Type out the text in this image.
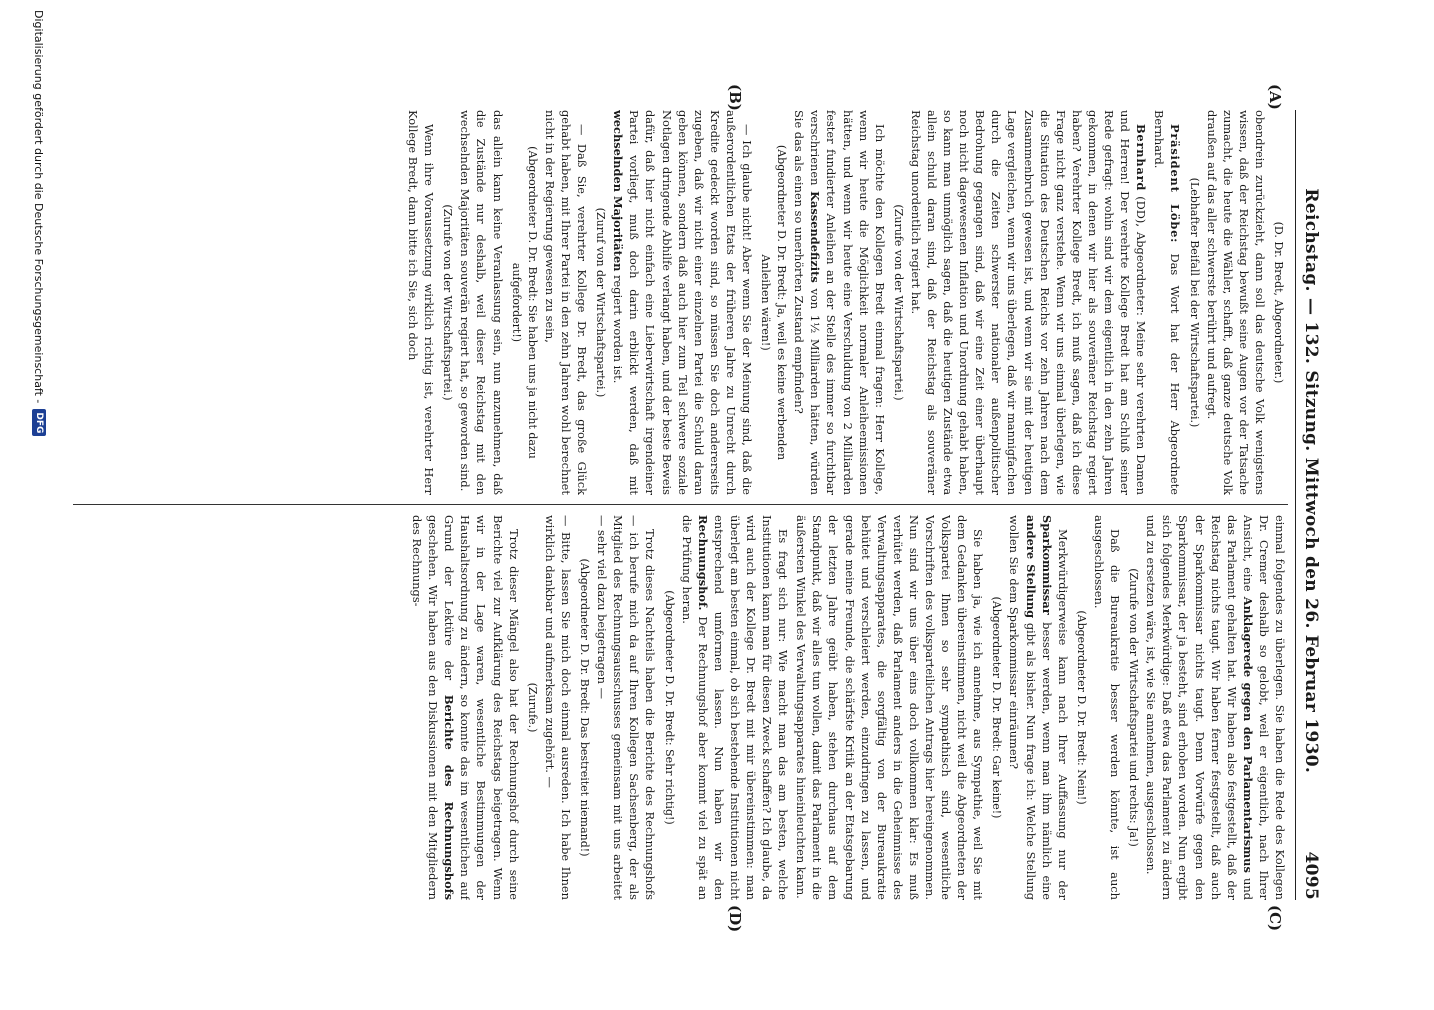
Reichstag. — 132. Sitzung. Mittwoch den 26. Februar 1930.
4095
(A)
(B)
(C)
(D)

(D. Dr. Bredt, Abgeordneter.)

obendrein zurückzieht, dann soll das deutsche Volk wenigstens wissen, daß der Reichstag bewußt seine Augen vor der Tatsache zumacht, die heute die Wähler, schafft, daß ganze deutsche Volk draußen auf das aller schwerste berührt und aufregt.

(Lebhafter Beifall bei der Wirtschaftspartei.)

Präsident Löbe: Das Wort hat der Herr Abgeordnete Bernhard.

Bernhard (DD), Abgeordneter: Meine sehr verehrten Damen und Herren! Der verehrte Kollege Bredt hat am Schluß seiner Rede gefragt: wohin sind wir dem eigentlich in den zehn Jahren gekommen, in denen wir hier als souveräner Reichstag regiert haben? Verehrter Kollege Bredt, ich muß sagen, daß ich diese Frage nicht ganz verstehe. Wenn wir uns einmal überlegen, wie die Situation des Deutschen Reichs vor zehn Jahren nach dem Zusammenbruch gewesen ist, und wenn wir sie mit der heutigen Lage vergleichen, wenn wir uns überlegen, daß wir mannigfachen durch die Zeiten schwerster nationaler außenpolitischer Bedrohung gegangen sind, daß wir eine Zeit einer überhaupt noch nicht dagewesenen Inflation und Unordnung gehabt haben, so kann man unmöglich sagen, daß die heutigen Zustände etwa allein schuld daran sind, daß der Reichstag als souveräner Reichstag unordentlich regiert hat.

(Zurufe von der Wirtschaftspartei.)

Ich möchte den Kollegen Bredt einmal fragen: Herr Kollege, wenn wir heute die Möglichkeit normaler Anleiheemissionen hätten, und wenn wir heute eine Verschuldung von 2 Milliarden fester fundierter Anleihen an der Stelle des immer so furchtbar verschrienen Kassendefizits von 1½ Milliarden hätten, würden Sie das als einen so unerhörten Zustand empfinden?

(Abgeordneter D. Dr. Bredt: Ja, weil es keine werbenden Anleihen wären!)

— Ich glaube nicht! Aber wenn Sie der Meinung sind, daß die außerordentlichen Etats der früheren Jahre zu Unrecht durch Kredite gedeckt worden sind, so müssen Sie doch andererseits zugeben, daß wir nicht einer einzelnen Partei die Schuld daran geben können, sondern daß auch hier zum Teil schwere soziale Notlagen dringende Abhilfe verlangt haben, und der beste Beweis dafür, daß hier nicht einfach eine Lieberwirtschaft irgendeiner Partei vorliegt, muß doch darin erblickt werden, daß mit wechselnden Majoritäten regiert worden ist.

(Zuruf von der Wirtschaftspartei.)

— Daß Sie, verehrter Kollege Dr. Bredt, das große Glück gehabt haben, mit Ihrer Partei in den zehn Jahren wohl berechnet nicht in der Regierung gewesen zu sein,

(Abgeordneter D. Dr. Bredt: Sie haben uns ja nicht dazu aufgefordert!)

das allein kann keine Veranlassung sein, nun anzunehmen, daß die Zustände nur deshalb, weil dieser Reichstag mit den wechselnden Majoritäten souverän regiert hat, so geworden sind.

(Zurufe von der Wirtschaftspartei.)

Wenn ihre Voraussetzung wirklich richtig ist, verehrter Herr Kollege Bredt, dann bitte ich Sie, sich doch

einmal folgendes zu überlegen. Sie haben die Rede des Kollegen Dr. Cremer deshalb so gelobt, weil er eigentlich, nach Ihrer Ansicht, eine Anklagerede gegen den Parlamentarismus und das Parlament gehalten hat. Wir haben also festgestellt, daß der Reichstag nichts taugt. Wir haben ferner festgestellt, daß auch der Sparkommissar nichts taugt. Denn Vorwürfe gegen den Sparkommissar, der ja besteht, sind erhoben worden. Nun ergibt sich folgendes Merkwürdige: Daß etwa das Parlament zu ändern und zu ersetzen wäre, ist, wie Sie annehmen, ausgeschlossen.

(Zurufe von der Wirtschaftspartei und rechts: Ja!)

Daß die Bureaukratie besser werden könnte, ist auch ausgeschlossen.

(Abgeordneter D. Dr. Bredt: Nein!)

Merkwürdigerweise kann nach Ihrer Auffassung nur der Sparkommissar besser werden, wenn man ihm nämlich eine andere Stellung gibt als bisher. Nun frage ich: Welche Stellung wollen Sie dem Sparkommissar einräumen?

(Abgeordneter D. Dr. Bredt: Gar keine!)

Sie haben ja, wie ich annehme, aus Sympathie, weil Sie mit dem Gedanken übereinstimmen, nicht weil die Abgeordneten der Volkspartei Ihnen so sehr sympathisch sind, wesentliche Vorschriften des volksparteilichen Antrags hier hereingenommen. Nun sind wir uns über eins doch vollkommen klar: Es muß verhütet werden, daß Parlament anders in die Geheimnisse des Verwaltungsapparates, die sorgfältig von der Bureaukratie behütet und verschleiert werden, einzudringen zu lassen, und gerade meine Freunde, die schärfste Kritik an der Etatsgebarung der letzten Jahre geübt haben, stehen durchaus auf dem Standpunkt, daß wir alles tun wollen, damit das Parlament in die äußersten Winkel des Verwaltungsapparates hineinleuchten kann.

Es fragt sich nur: Wie macht man das am besten, welche Institutionen kann man für diesen Zweck schaffen? Ich glaube, da wird auch der Kollege Dr. Bredt mit mir übereinstimmen: man überlegt am besten einmal, ob sich bestehende Institutionen nicht entsprechend umformen lassen. Nun haben wir den Rechnungshof. Der Rechnungshof aber kommt viel zu spät an die Prüfung heran.

(Abgeordneter D. Dr. Bredt: Sehr richtig!)

Trotz dieses Nachteils haben die Berichte des Rechnungshofs — ich berufe mich da auf Ihren Kollegen Sachsenberg, der als Mitglied des Rechnungsausschusses gemeinsam mit uns arbeitet — sehr viel dazu beigetragen —

(Abgeordneter D. Dr. Bredt: Das bestreitet niemand!)

— Bitte, lassen Sie mich doch einmal ausreden. Ich habe Ihnen wirklich dankbar und aufmerksam zugehört. —

(Zurufe.)

Trotz dieser Mängel also hat der Rechnungshof durch seine Berichte viel zur Aufklärung des Reichstags beigetragen. Wenn wir in der Lage waren, wesentliche Bestimmungen der Haushaltsordnung zu ändern, so konnte das im wesentlichen auf Grund der Lektüre der Berichte des Rechnungshofs geschehen. Wir haben aus den Diskussionen mit den Mitgliedern des Rechnungs-

Digitalisierung gefördert durch die Deutsche Forschungsgemeinschaft -
DFG
